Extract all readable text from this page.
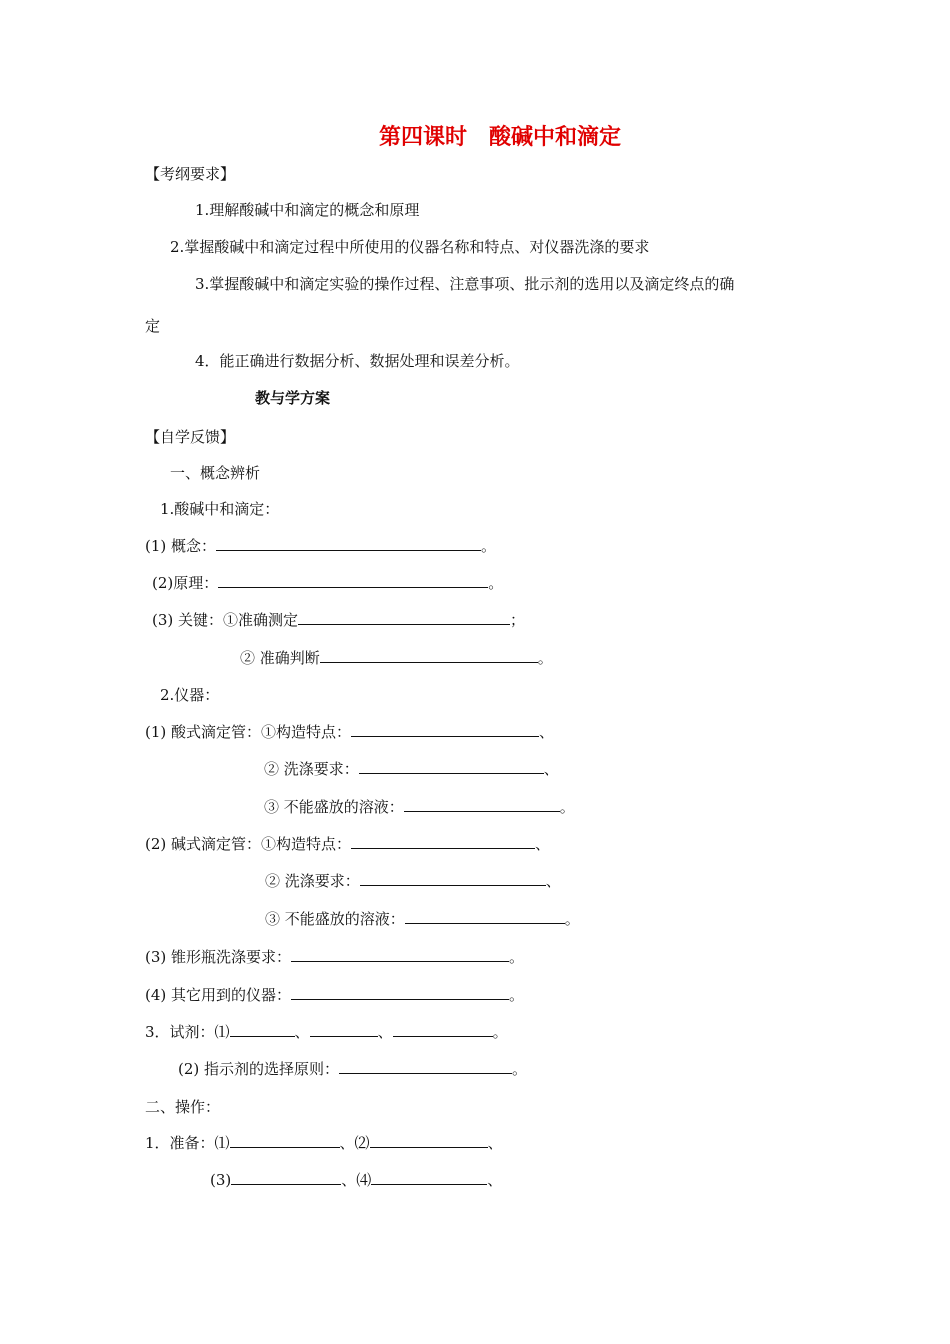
第四课时　酸碱中和滴定
【考纲要求】
1.理解酸碱中和滴定的概念和原理
2.掌握酸碱中和滴定过程中所使用的仪器名称和特点、对仪器洗涤的要求
3.掌握酸碱中和滴定实验的操作过程、注意事项、批示剂的选用以及滴定终点的确
定
4．能正确进行数据分析、数据处理和误差分析。
教与学方案
【自学反馈】
一、概念辨析
1.酸碱中和滴定：
(1) 概念：	。
(2)原理：	。
(3) 关键：①准确测定	；
② 准确判断	。
2.仪器：
(1) 酸式滴定管：①构造特点：	、
② 洗涤要求：	、
③ 不能盛放的溶液：	。
(2) 碱式滴定管：①构造特点：	、
② 洗涤要求：	、
③ 不能盛放的溶液：	。
(3) 锥形瓶洗涤要求：	。
(4) 其它用到的仪器：	。
3．试剂：⑴	、	、	。
(2) 指示剂的选择原则：	。
二、操作：
1．准备：⑴	、⑵	、
(3)	、⑷	、
